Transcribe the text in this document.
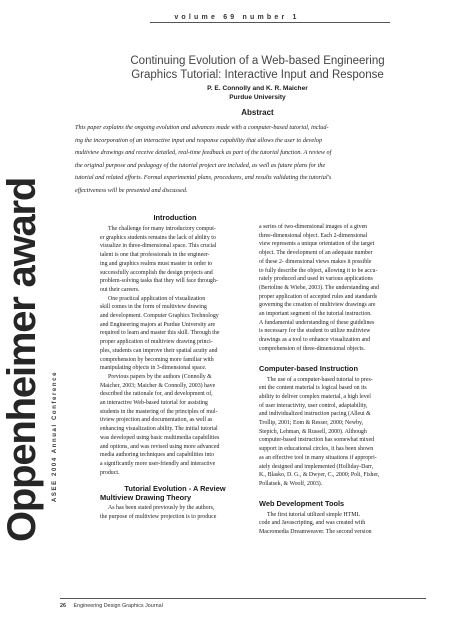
volume 69 number 1
Continuing Evolution of a Web-based Engineering
Graphics Tutorial: Interactive Input and Response
P. E. Connolly and K. R. Maicher
Purdue University
Abstract
This paper explains the ongoing evolution and advances made with a computer-based tutorial, includ-
ing the incorporation of an interactive input and response capability that allows the user to develop
multiview drawings and receive detailed, real-time feedback as part of the tutorial function. A review of
the original purpose and pedagogy of the tutorial project are included, as well as future plans for the
tutorial and related efforts. Formal experimental plans, procedures, and results validating the tutorial's
effectiveness will be presented and discussed.
Oppenheimer award	ASEE 2004 Annual Conference
Introduction
The challenge for many introductory comput-
er graphics students remains the lack of ability to
visualize in three-dimensional space. This crucial
talent is one that professionals in the engineer-
ing and graphics realms must master in order to
successfully accomplish the design projects and
problem-solving tasks that they will face through-
out their careers.
One practical application of visualization
skill comes in the form of multiview drawing
and development. Computer Graphics Technology
and Engineering majors at Purdue University are
required to learn and master this skill. Through the
proper application of multiview drawing princi-
ples, students can improve their spatial acuity and
comprehension by becoming more familiar with
manipulating objects in 3-dimensional space.
Previous papers by the authors (Connolly &
Maicher, 2003; Maicher & Connolly, 2003) have
described the rationale for, and development of,
an interactive Web-based tutorial for assisting
students in the mastering of the principles of mul-
tiview projection and documentation, as well as
enhancing visualization ability. The initial tutorial
was developed using basic multimedia capabilities
and options, and was revised using more advanced
media authoring techniques and capabilities into
a significantly more user-friendly and interactive
product.
Tutorial Evolution - A Review
Multiview Drawing Theory
As has been stated previously by the authors,
the purpose of multiview projection is to produce
a series of two-dimensional images of a given
three-dimensional object. Each 2-dimensional
view represents a unique orientation of the target
object. The development of an adequate number
of these 2- dimensional views makes it possible
to fully describe the object, allowing it to be accu-
rately produced and used in various applications
(Bertoline & Wiebe, 2003). The understanding and
proper application of accepted rules and standards
governing the creation of multiview drawings are
an important segment of the tutorial instruction.
A fundamental understanding of these guidelines
is necessary for the student to utilize multiview
drawings as a tool to enhance visualization and
comprehension of three-dimensional objects.
Computer-based Instruction
The use of a computer-based tutorial to pres-
ent the content material is logical based on its
ability to deliver complex material, a high level
of user interactivity, user control, adaptability,
and individualized instruction pacing (Alleui &
Trollip, 2001; Eom & Resser, 2000; Newby,
Stepich, Lehman, & Russell, 2000). Although
computer-based instruction has somewhat mixed
support in educational circles, it has been shown
as an effective tool in many situations if appropri-
ately designed and implemented (Holliday-Darr,
K., Blasko, D. G., & Dwyer, C., 2000; Poli, Fisher,
Pollatsek, & Woolf, 2003).
Web Development Tools
The first tutorial utilized simple HTML
code and Javascripting, and was created with
Macromedia Dreamweaver. The second version
26 Engineering Design Graphics Journal
